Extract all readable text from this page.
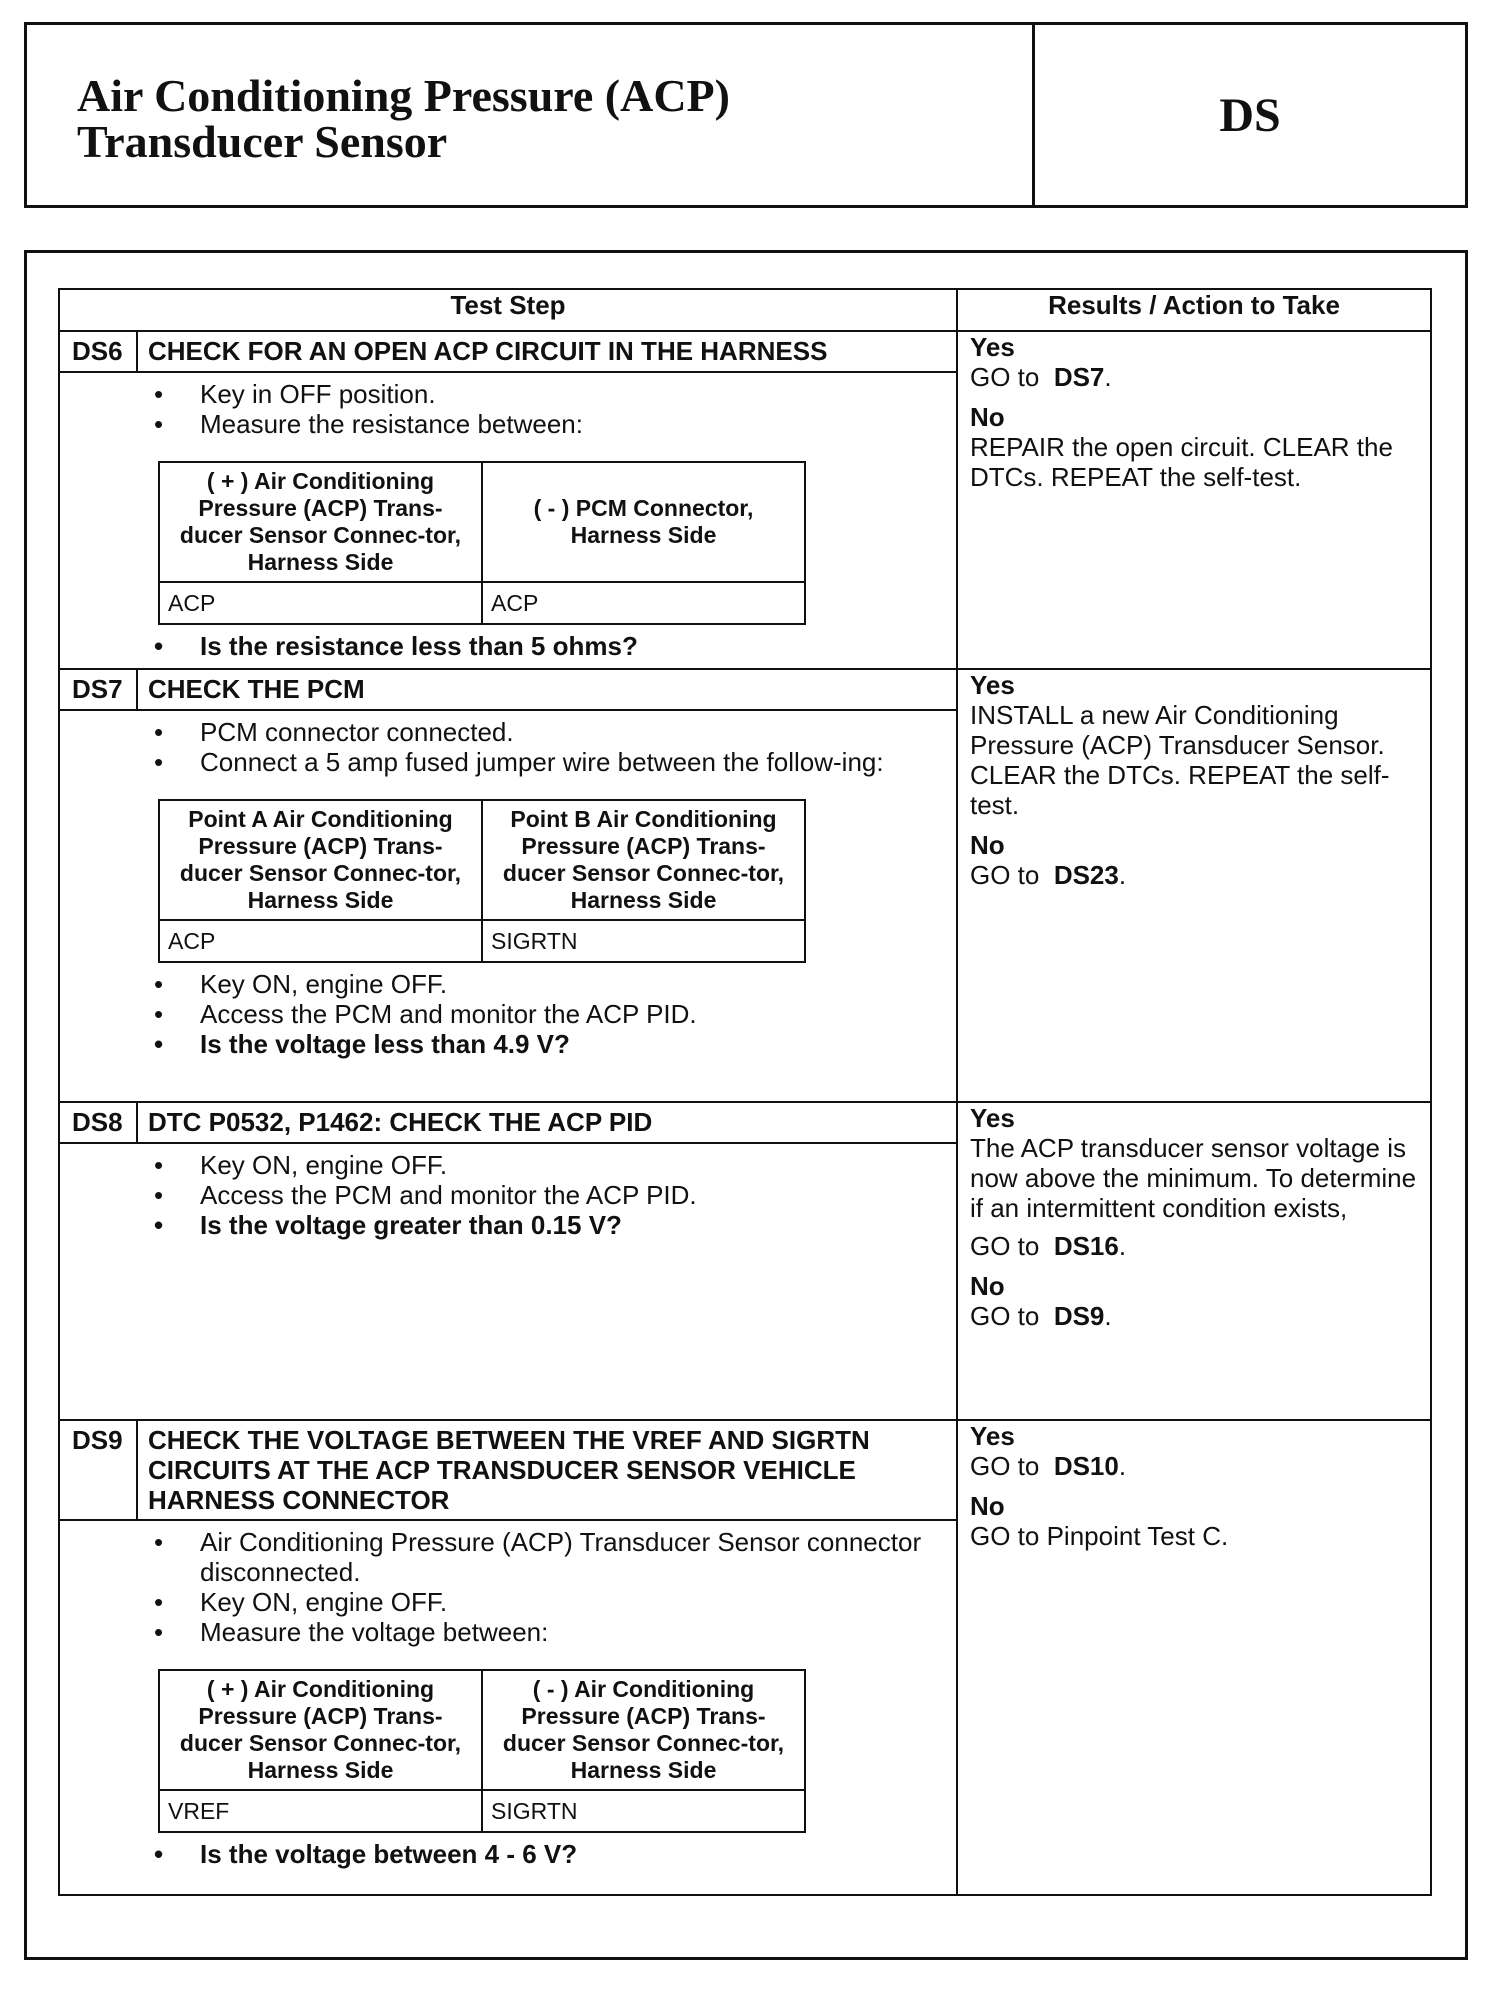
Air Conditioning Pressure (ACP)
Transducer Sensor	DS
Test Step	Results / Action to Take

DS6 CHECK FOR AN OPEN ACP CIRCUIT IN THE HARNESS
• Key in OFF position.
• Measure the resistance between:
( + ) Air Conditioning Pressure (ACP) Trans-ducer Sensor Connec-tor, Harness Side	( - ) PCM Connector, Harness Side
ACP	ACP
• Is the resistance less than 5 ohms?

Yes
GO to DS7.
No
REPAIR the open circuit. CLEAR the DTCs. REPEAT the self-test.

DS7 CHECK THE PCM
• PCM connector connected.
• Connect a 5 amp fused jumper wire between the follow-ing:
Point A Air Conditioning Pressure (ACP) Trans-ducer Sensor Connec-tor, Harness Side	Point B Air Conditioning Pressure (ACP) Trans-ducer Sensor Connec-tor, Harness Side
ACP	SIGRTN
• Key ON, engine OFF.
• Access the PCM and monitor the ACP PID.
• Is the voltage less than 4.9 V?

Yes
INSTALL a new Air Conditioning Pressure (ACP) Transducer Sensor. CLEAR the DTCs. REPEAT the self-test.
No
GO to DS23.

DS8 DTC P0532, P1462: CHECK THE ACP PID
• Key ON, engine OFF.
• Access the PCM and monitor the ACP PID.
• Is the voltage greater than 0.15 V?

Yes
The ACP transducer sensor voltage is now above the minimum. To determine if an intermittent condition exists,
GO to DS16.
No
GO to DS9.

DS9 CHECK THE VOLTAGE BETWEEN THE VREF AND SIGRTN CIRCUITS AT THE ACP TRANSDUCER SENSOR VEHICLE HARNESS CONNECTOR
• Air Conditioning Pressure (ACP) Transducer Sensor connector disconnected.
• Key ON, engine OFF.
• Measure the voltage between:
( + ) Air Conditioning Pressure (ACP) Trans-ducer Sensor Connec-tor, Harness Side	( - ) Air Conditioning Pressure (ACP) Trans-ducer Sensor Connec-tor, Harness Side
VREF	SIGRTN
• Is the voltage between 4 - 6 V?

Yes
GO to DS10.
No
GO to Pinpoint Test C.
